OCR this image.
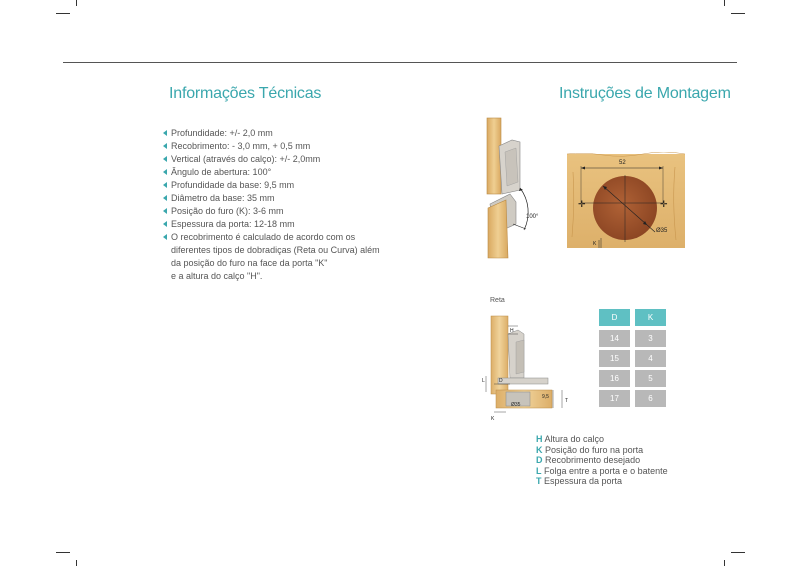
Informações Técnicas	Instruções de Montagem
Profundidade: +/- 2,0 mm
Recobrimento: - 3,0 mm, + 0,5 mm
Vertical (através do calço): +/- 2,0mm
Ângulo de abertura: 100°
Profundidade da base: 9,5 mm
Diâmetro da base: 35 mm
Posição do furo (K): 3-6 mm
Espessura da porta: 12-18 mm
O recobrimento é calculado de acordo com os
diferentes tipos de dobradiças (Reta ou Curva) além
da posição do furo na face da porta "K"
e a altura do calço "H".
100°
52
Ø35
K
✛	✛
Reta
H
D
L
K
Ø35
9,5
T
D	K
14	3
15	4
16	5
17	6
H Altura do calço
K Posição do furo na porta
D Recobrimento desejado
L Folga entre a porta e o batente
T Espessura da porta
